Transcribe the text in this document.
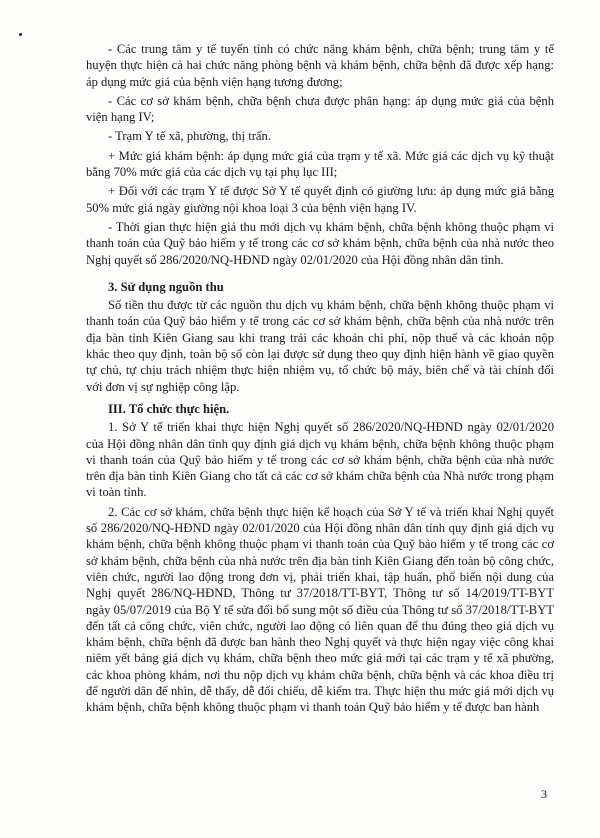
- Các trung tâm y tế tuyến tỉnh có chức năng khám bệnh, chữa bệnh; trung tâm y tế huyện thực hiện cả hai chức năng phòng bệnh và khám bệnh, chữa bệnh đã được xếp hạng: áp dụng mức giá của bệnh viện hạng tương đương;

- Các cơ sở khám bệnh, chữa bệnh chưa được phân hạng: áp dụng mức giá của bệnh viện hạng IV;

- Trạm Y tế xã, phường, thị trấn.

+ Mức giá khám bệnh: áp dụng mức giá của trạm y tế xã. Mức giá các dịch vụ kỹ thuật bằng 70% mức giá của các dịch vụ tại phụ lục III;

+ Đối với các trạm Y tế được Sở Y tế quyết định có giường lưu: áp dụng mức giá bằng 50% mức giá ngày giường nội khoa loại 3 của bệnh viện hạng IV.

- Thời gian thực hiện giá thu mới dịch vụ khám bệnh, chữa bệnh không thuộc phạm vi thanh toán của Quỹ bảo hiểm y tế trong các cơ sở khám bệnh, chữa bệnh của nhà nước theo Nghị quyết số 286/2020/NQ-HĐND ngày 02/01/2020 của Hội đồng nhân dân tỉnh.

3. Sử dụng nguồn thu

Số tiền thu được từ các nguồn thu dịch vụ khám bệnh, chữa bệnh không thuộc phạm vi thanh toán của Quỹ bảo hiểm y tế trong các cơ sở khám bệnh, chữa bệnh của nhà nước trên địa bàn tỉnh Kiên Giang sau khi trang trải các khoản chi phí, nộp thuế và các khoản nộp khác theo quy định, toàn bộ số còn lại được sử dụng theo quy định hiện hành về giao quyền tự chủ, tự chịu trách nhiệm thực hiện nhiệm vụ, tổ chức bộ máy, biên chế và tài chính đối với đơn vị sự nghiệp công lập.

III. Tổ chức thực hiện.

1. Sở Y tế triển khai thực hiện Nghị quyết số 286/2020/NQ-HĐND ngày 02/01/2020 của Hội đồng nhân dân tỉnh quy định giá dịch vụ khám bệnh, chữa bệnh không thuộc phạm vi thanh toán của Quỹ bảo hiểm y tế trong các cơ sở khám bệnh, chữa bệnh của nhà nước trên địa bàn tỉnh Kiên Giang cho tất cả các cơ sở khám chữa bệnh của Nhà nước trong phạm vi toàn tỉnh.

2. Các cơ sở khám, chữa bệnh thực hiện kế hoạch của Sở Y tế và triển khai Nghị quyết số 286/2020/NQ-HĐND ngày 02/01/2020 của Hội đồng nhân dân tỉnh quy định giá dịch vụ khám bệnh, chữa bệnh không thuộc phạm vi thanh toán của Quỹ bảo hiểm y tế trong các cơ sở khám bệnh, chữa bệnh của nhà nước trên địa bàn tỉnh Kiên Giang đến toàn bộ công chức, viên chức, người lao động trong đơn vị, phải triển khai, tập huấn, phổ biến nội dung của Nghị quyết 286/NQ-HĐND, Thông tư 37/2018/TT-BYT, Thông tư số 14/2019/TT-BYT ngày 05/07/2019 của Bộ Y tế sửa đổi bổ sung một số điều của Thông tư số 37/2018/TT-BYT đến tất cả công chức, viên chức, người lao động có liên quan để thu đúng theo giá dịch vụ khám bệnh, chữa bệnh đã được ban hành theo Nghị quyết và thực hiện ngay việc công khai niêm yết bảng giá dịch vụ khám, chữa bệnh theo mức giá mới tại các trạm y tế xã phường, các khoa phòng khám, nơi thu nộp dịch vụ khám chữa bệnh, chữa bệnh và các khoa điều trị để người dân để nhìn, dễ thấy, dễ đối chiếu, dễ kiểm tra. Thực hiện thu mức giá mới dịch vụ khám bệnh, chữa bệnh không thuộc phạm vi thanh toán Quỹ bảo hiểm y tế được ban hành

3
